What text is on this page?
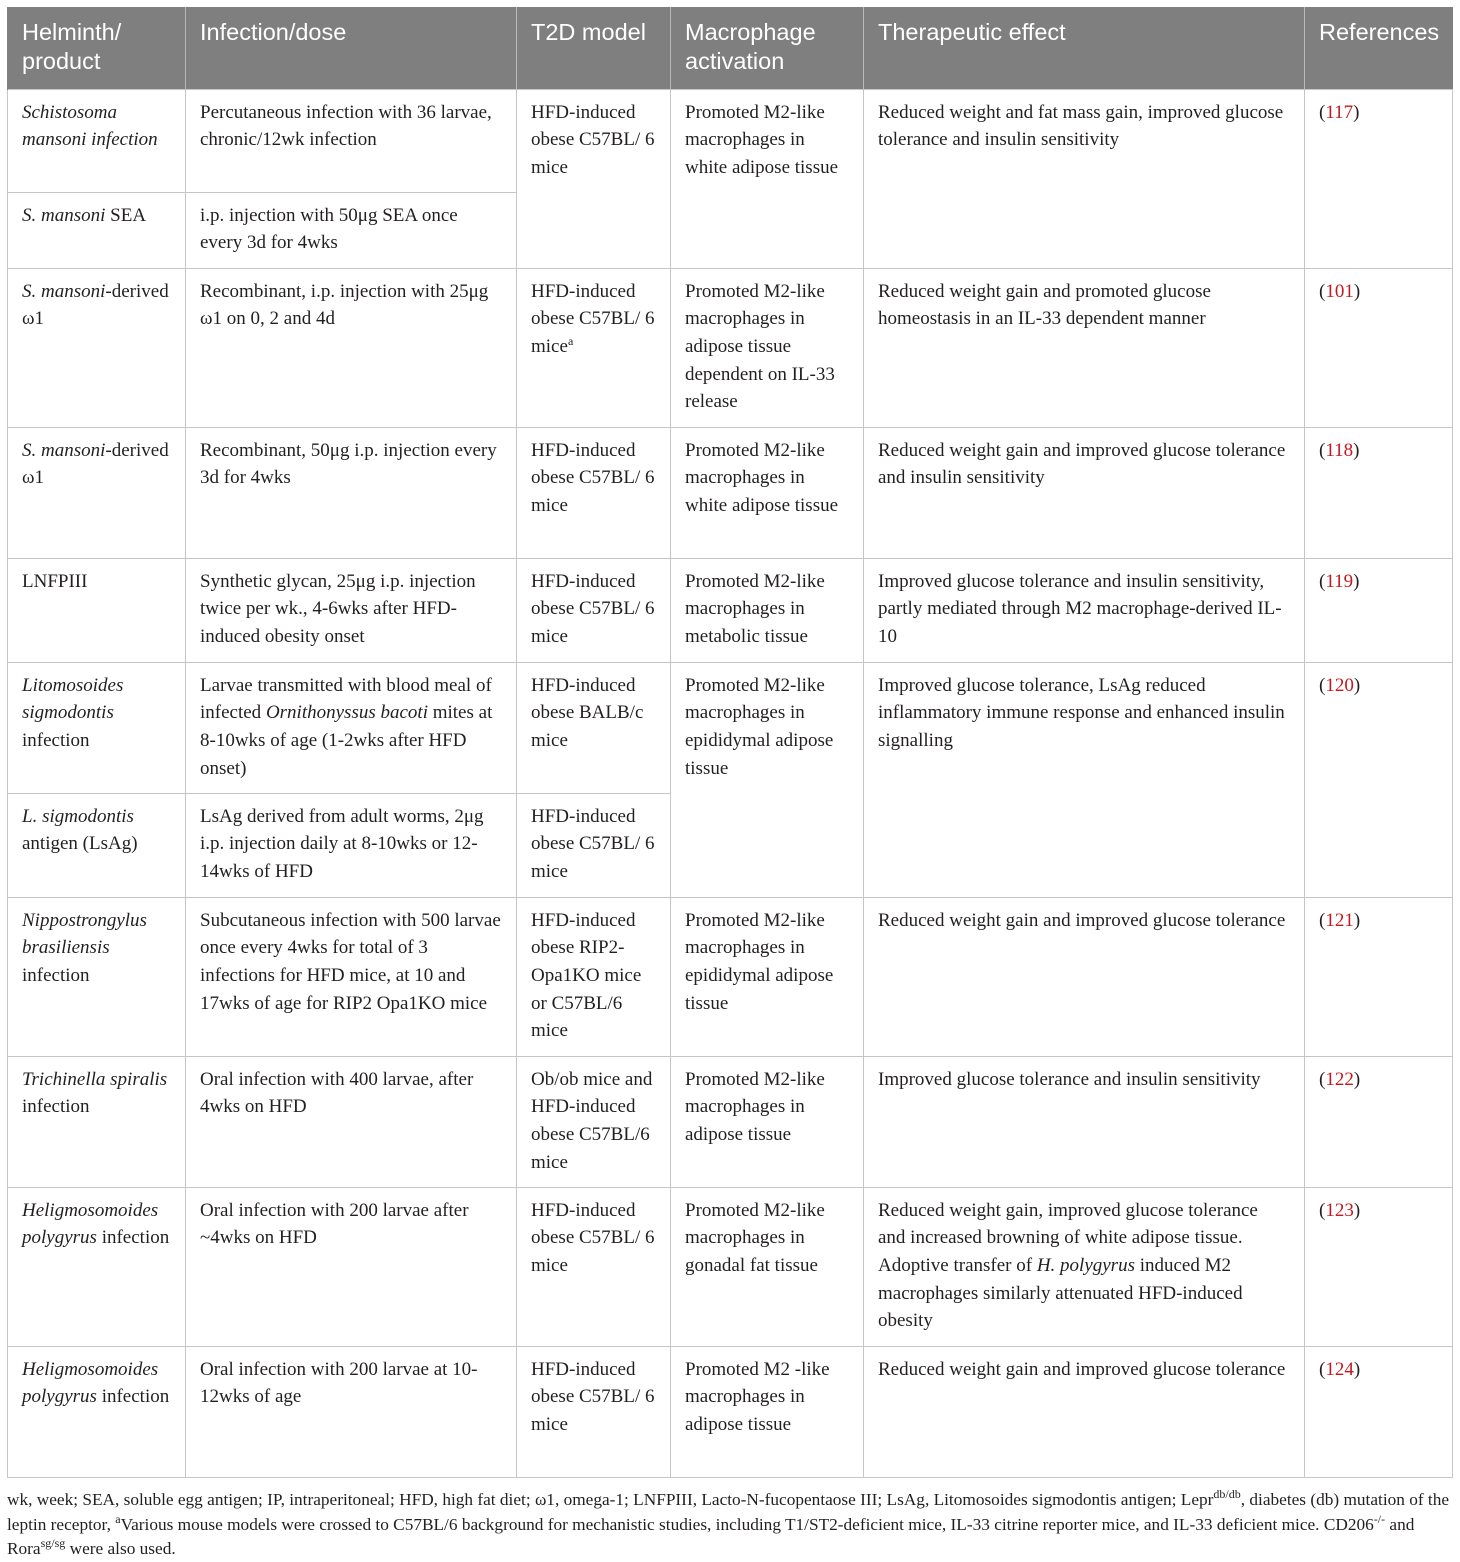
Helminth/ product	Infection/dose	T2D model	Macrophage activation	Therapeutic effect	References
Schistosoma mansoni infection	Percutaneous infection with 36 larvae, chronic/12wk infection	HFD-induced obese C57BL/ 6 mice	Promoted M2-like macrophages in white adipose tissue	Reduced weight and fat mass gain, improved glucose tolerance and insulin sensitivity	(117)
S. mansoni SEA	i.p. injection with 50μg SEA once every 3d for 4wks				
S. mansoni-derived ω1	Recombinant, i.p. injection with 25μg ω1 on 0, 2 and 4d	HFD-induced obese C57BL/ 6 mice$^a$	Promoted M2-like macrophages in adipose tissue dependent on IL-33 release	Reduced weight gain and promoted glucose homeostasis in an IL-33 dependent manner	(101)
S. mansoni-derived ω1	Recombinant, 50μg i.p. injection every 3d for 4wks	HFD-induced obese C57BL/ 6 mice	Promoted M2-like macrophages in white adipose tissue	Reduced weight gain and improved glucose tolerance and insulin sensitivity	(118)
LNFPIII	Synthetic glycan, 25μg i.p. injection twice per wk., 4-6wks after HFD-induced obesity onset	HFD-induced obese C57BL/ 6 mice	Promoted M2-like macrophages in metabolic tissue	Improved glucose tolerance and insulin sensitivity, partly mediated through M2 macrophage-derived IL-10	(119)
Litomosoides sigmodontis infection	Larvae transmitted with blood meal of infected Ornithonyssus bacoti mites at 8-10wks of age (1-2wks after HFD onset)	HFD-induced obese BALB/c mice	Promoted M2-like macrophages in epididymal adipose tissue	Improved glucose tolerance, LsAg reduced inflammatory immune response and enhanced insulin signalling	(120)
L. sigmodontis antigen (LsAg)	LsAg derived from adult worms, 2μg i.p. injection daily at 8-10wks or 12-14wks of HFD	HFD-induced obese C57BL/ 6 mice			
Nippostrongylus brasiliensis infection	Subcutaneous infection with 500 larvae once every 4wks for total of 3 infections for HFD mice, at 10 and 17wks of age for RIP2 Opa1KO mice	HFD-induced obese RIP2-Opa1KO mice or C57BL/6 mice	Promoted M2-like macrophages in epididymal adipose tissue	Reduced weight gain and improved glucose tolerance	(121)
Trichinella spiralis infection	Oral infection with 400 larvae, after 4wks on HFD	Ob/ob mice and HFD-induced obese C57BL/6 mice	Promoted M2-like macrophages in adipose tissue	Improved glucose tolerance and insulin sensitivity	(122)
Heligmosomoides polygyrus infection	Oral infection with 200 larvae after ~4wks on HFD	HFD-induced obese C57BL/ 6 mice	Promoted M2-like macrophages in gonadal fat tissue	Reduced weight gain, improved glucose tolerance and increased browning of white adipose tissue. Adoptive transfer of H. polygyrus induced M2 macrophages similarly attenuated HFD-induced obesity	(123)
Heligmosomoides polygyrus infection	Oral infection with 200 larvae at 10-12wks of age	HFD-induced obese C57BL/ 6 mice	Promoted M2 -like macrophages in adipose tissue	Reduced weight gain and improved glucose tolerance	(124)
wk, week; SEA, soluble egg antigen; IP, intraperitoneal; HFD, high fat diet; ω1, omega-1; LNFPIII, Lacto-N-fucopentaose III; LsAg, Litomosoides sigmodontis antigen; Lepr$^{db/db}$, diabetes (db) mutation of the leptin receptor, $^a$Various mouse models were crossed to C57BL/6 background for mechanistic studies, including T1/ST2-deficient mice, IL-33 citrine reporter mice, and IL-33 deficient mice. CD206-/- and Rora$^{sg/sg}$ were also used.
